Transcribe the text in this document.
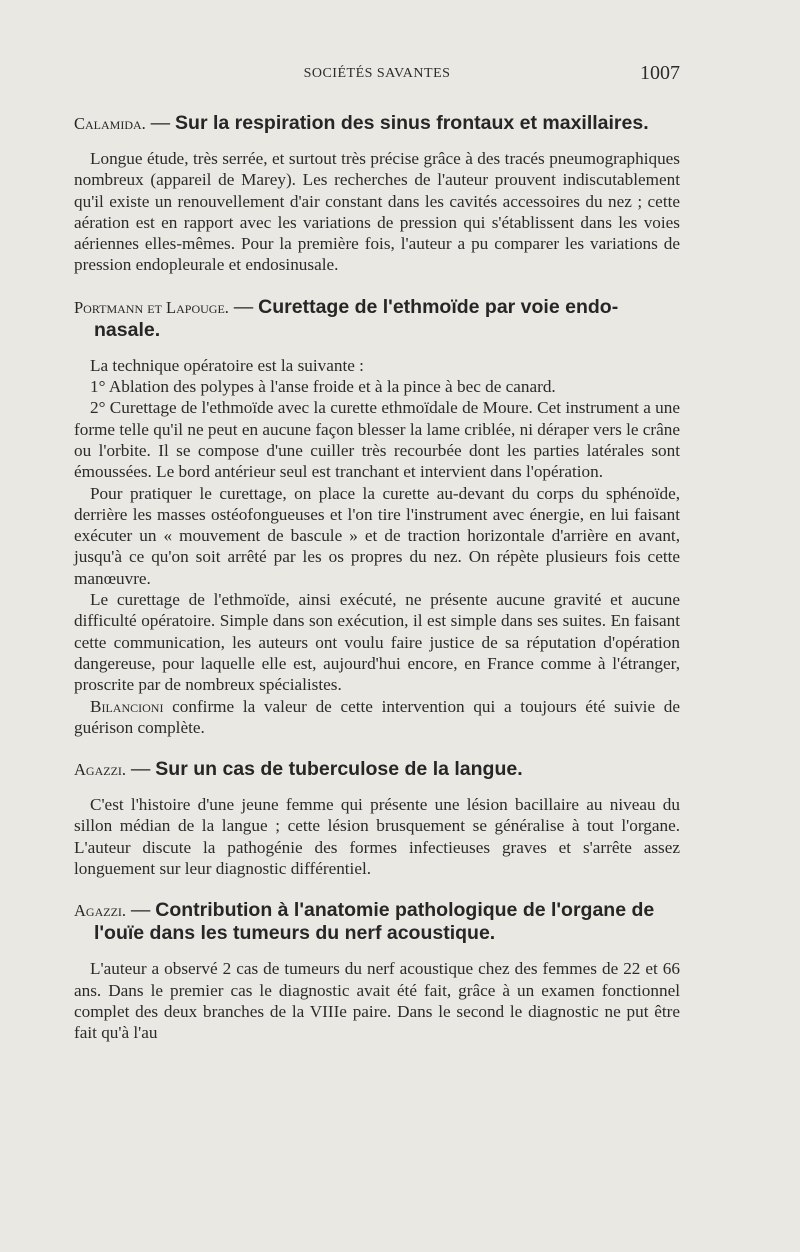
SOCIÉTÉS SAVANTES	1007
Calamida. — Sur la respiration des sinus frontaux et maxillaires.

Longue étude, très serrée, et surtout très précise grâce à des tracés pneumographiques nombreux (appareil de Marey). Les recherches de l'auteur prouvent indiscutablement qu'il existe un renouvellement d'air constant dans les cavités accessoires du nez ; cette aération est en rapport avec les variations de pression qui s'établissent dans les voies aériennes elles-mêmes. Pour la première fois, l'auteur a pu comparer les variations de pression endopleurale et endosinusale.

Portmann et Lapouge. — Curettage de l'ethmoïde par voie endo-nasale.

La technique opératoire est la suivante :

1° Ablation des polypes à l'anse froide et à la pince à bec de canard.

2° Curettage de l'ethmoïde avec la curette ethmoïdale de Moure. Cet instrument a une forme telle qu'il ne peut en aucune façon blesser la lame criblée, ni déraper vers le crâne ou l'orbite. Il se compose d'une cuiller très recourbée dont les parties latérales sont émoussées. Le bord antérieur seul est tranchant et intervient dans l'opération.

Pour pratiquer le curettage, on place la curette au-devant du corps du sphénoïde, derrière les masses ostéofongueuses et l'on tire l'instrument avec énergie, en lui faisant exécuter un « mouvement de bascule » et de traction horizontale d'arrière en avant, jusqu'à ce qu'on soit arrêté par les os propres du nez. On répète plusieurs fois cette manœuvre.

Le curettage de l'ethmoïde, ainsi exécuté, ne présente aucune gravité et aucune difficulté opératoire. Simple dans son exécution, il est simple dans ses suites. En faisant cette communication, les auteurs ont voulu faire justice de sa réputation d'opération dangereuse, pour laquelle elle est, aujourd'hui encore, en France comme à l'étranger, proscrite par de nombreux spécialistes.

Bilancioni confirme la valeur de cette intervention qui a toujours été suivie de guérison complète.

Agazzi. — Sur un cas de tuberculose de la langue.

C'est l'histoire d'une jeune femme qui présente une lésion bacillaire au niveau du sillon médian de la langue ; cette lésion brusquement se généralise à tout l'organe. L'auteur discute la pathogénie des formes infectieuses graves et s'arrête assez longuement sur leur diagnostic différentiel.

Agazzi. — Contribution à l'anatomie pathologique de l'organe de l'ouïe dans les tumeurs du nerf acoustique.

L'auteur a observé 2 cas de tumeurs du nerf acoustique chez des femmes de 22 et 66 ans. Dans le premier cas le diagnostic avait été fait, grâce à un examen fonctionnel complet des deux branches de la VIIIe paire. Dans le second le diagnostic ne put être fait qu'à l'au
